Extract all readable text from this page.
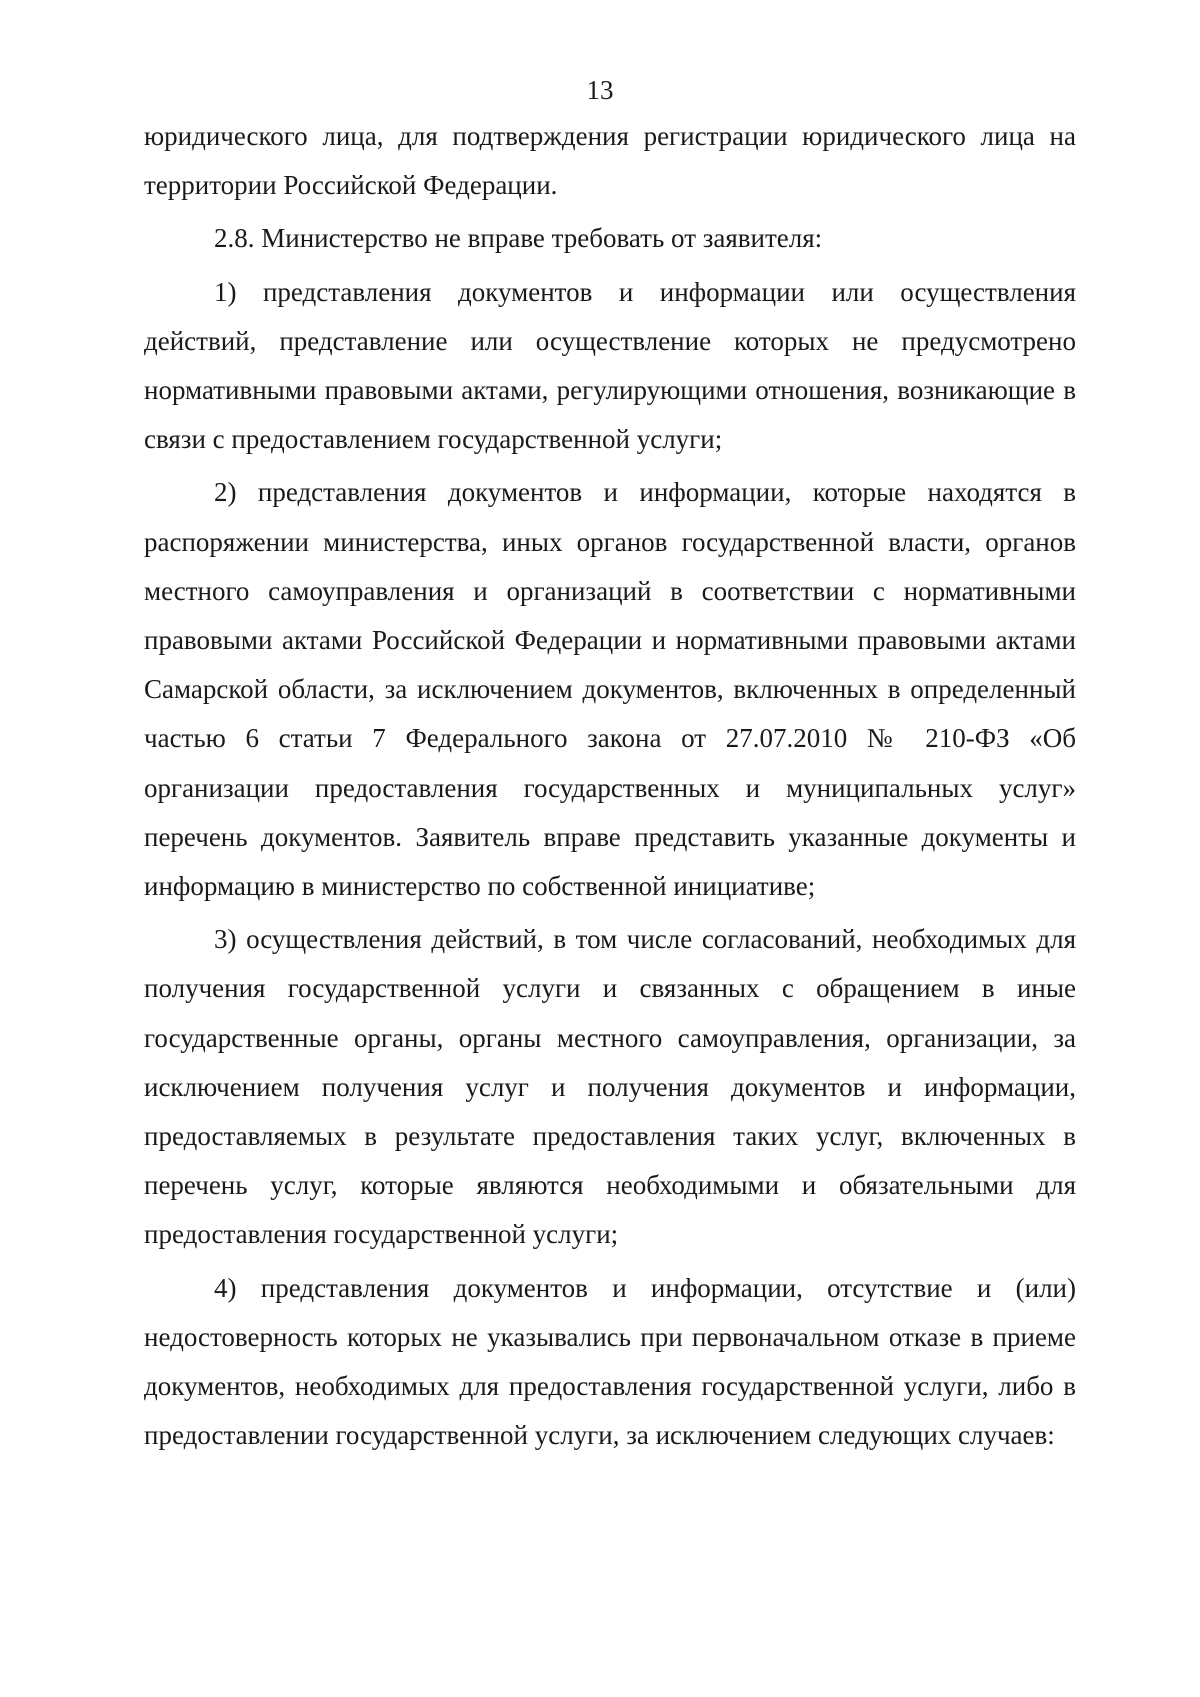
13

юридического лица, для подтверждения регистрации юридического лица на территории Российской Федерации.

2.8. Министерство не вправе требовать от заявителя:

1) представления документов и информации или осуществления действий, представление или осуществление которых не предусмотрено нормативными правовыми актами, регулирующими отношения, возникающие в связи с предоставлением государственной услуги;

2) представления документов и информации, которые находятся в распоряжении министерства, иных органов государственной власти, органов местного самоуправления и организаций в соответствии с нормативными правовыми актами Российской Федерации и нормативными правовыми актами Самарской области, за исключением документов, включенных в определенный частью 6 статьи 7 Федерального закона от 27.07.2010 № 210-ФЗ «Об организации предоставления государственных и муниципальных услуг» перечень документов. Заявитель вправе представить указанные документы и информацию в министерство по собственной инициативе;

3) осуществления действий, в том числе согласований, необходимых для получения государственной услуги и связанных с обращением в иные государственные органы, органы местного самоуправления, организации, за исключением получения услуг и получения документов и информации, предоставляемых в результате предоставления таких услуг, включенных в перечень услуг, которые являются необходимыми и обязательными для предоставления государственной услуги;

4) представления документов и информации, отсутствие и (или) недостоверность которых не указывались при первоначальном отказе в приеме документов, необходимых для предоставления государственной услуги, либо в предоставлении государственной услуги, за исключением следующих случаев:
